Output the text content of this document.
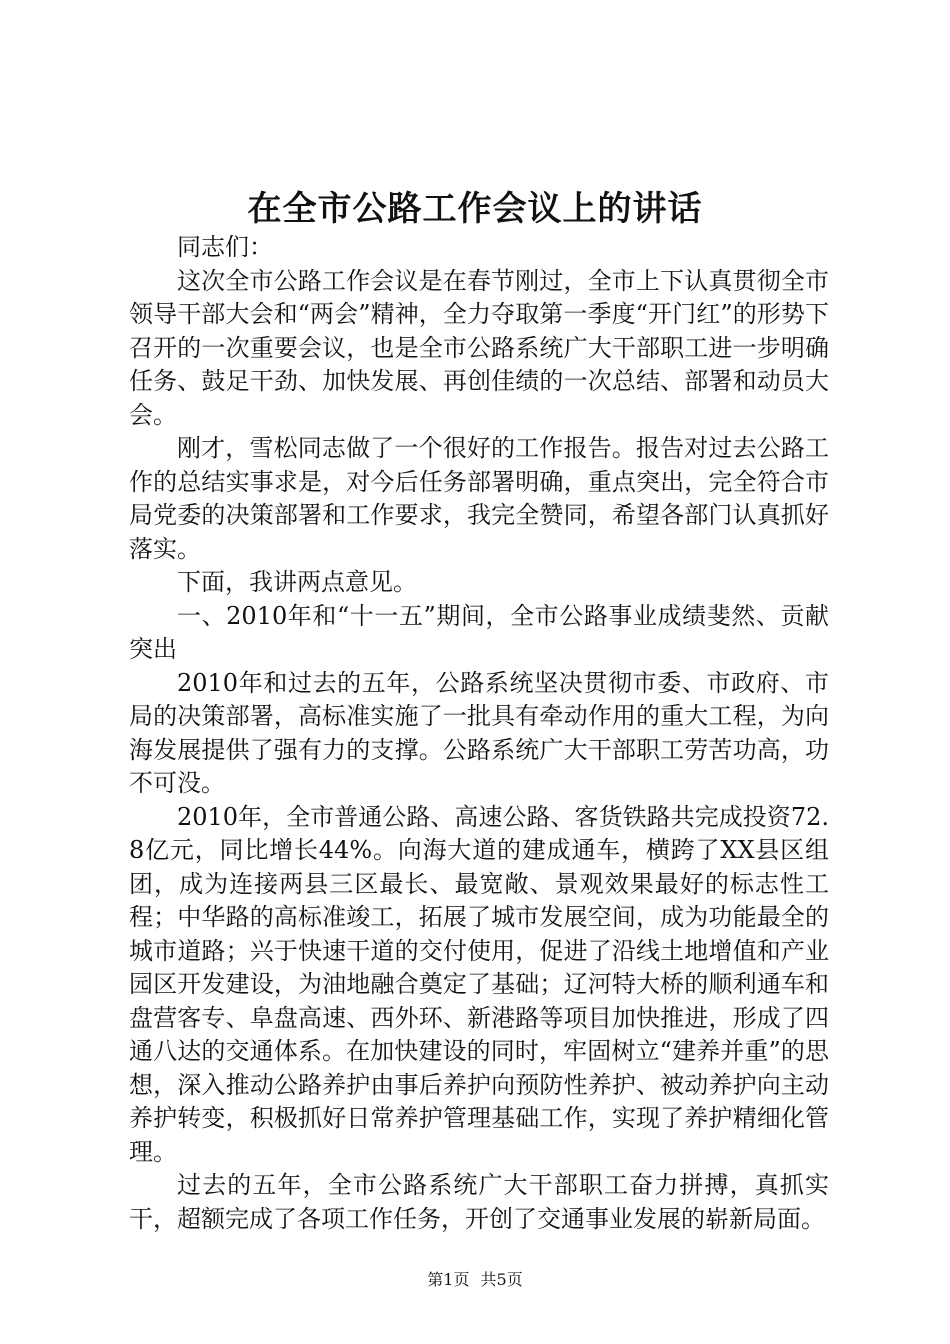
在全市公路工作会议上的讲话

同志们：

这次全市公路工作会议是在春节刚过，全市上下认真贯彻全市领导干部大会和“两会”精神，全力夺取第一季度“开门红”的形势下召开的一次重要会议，也是全市公路系统广大干部职工进一步明确任务、鼓足干劲、加快发展、再创佳绩的一次总结、部署和动员大会。

刚才，雪松同志做了一个很好的工作报告。报告对过去公路工作的总结实事求是，对今后任务部署明确，重点突出，完全符合市局党委的决策部署和工作要求，我完全赞同，希望各部门认真抓好落实。

下面，我讲两点意见。

一、2010年和“十一五”期间，全市公路事业成绩斐然、贡献突出

2010年和过去的五年，公路系统坚决贯彻市委、市政府、市局的决策部署，高标准实施了一批具有牵动作用的重大工程，为向海发展提供了强有力的支撑。公路系统广大干部职工劳苦功高，功不可没。

2010年，全市普通公路、高速公路、客货铁路共完成投资72.8亿元，同比增长44%。向海大道的建成通车，横跨了XX县区组团，成为连接两县三区最长、最宽敞、景观效果最好的标志性工程；中华路的高标准竣工，拓展了城市发展空间，成为功能最全的城市道路；兴于快速干道的交付使用，促进了沿线土地增值和产业园区开发建设，为油地融合奠定了基础；辽河特大桥的顺利通车和盘营客专、阜盘高速、西外环、新港路等项目加快推进，形成了四通八达的交通体系。在加快建设的同时，牢固树立“建养并重”的思想，深入推动公路养护由事后养护向预防性养护、被动养护向主动养护转变，积极抓好日常养护管理基础工作，实现了养护精细化管理。

过去的五年，全市公路系统广大干部职工奋力拼搏，真抓实干，超额完成了各项工作任务，开创了交通事业发展的崭新局面。

第1页 共5页
